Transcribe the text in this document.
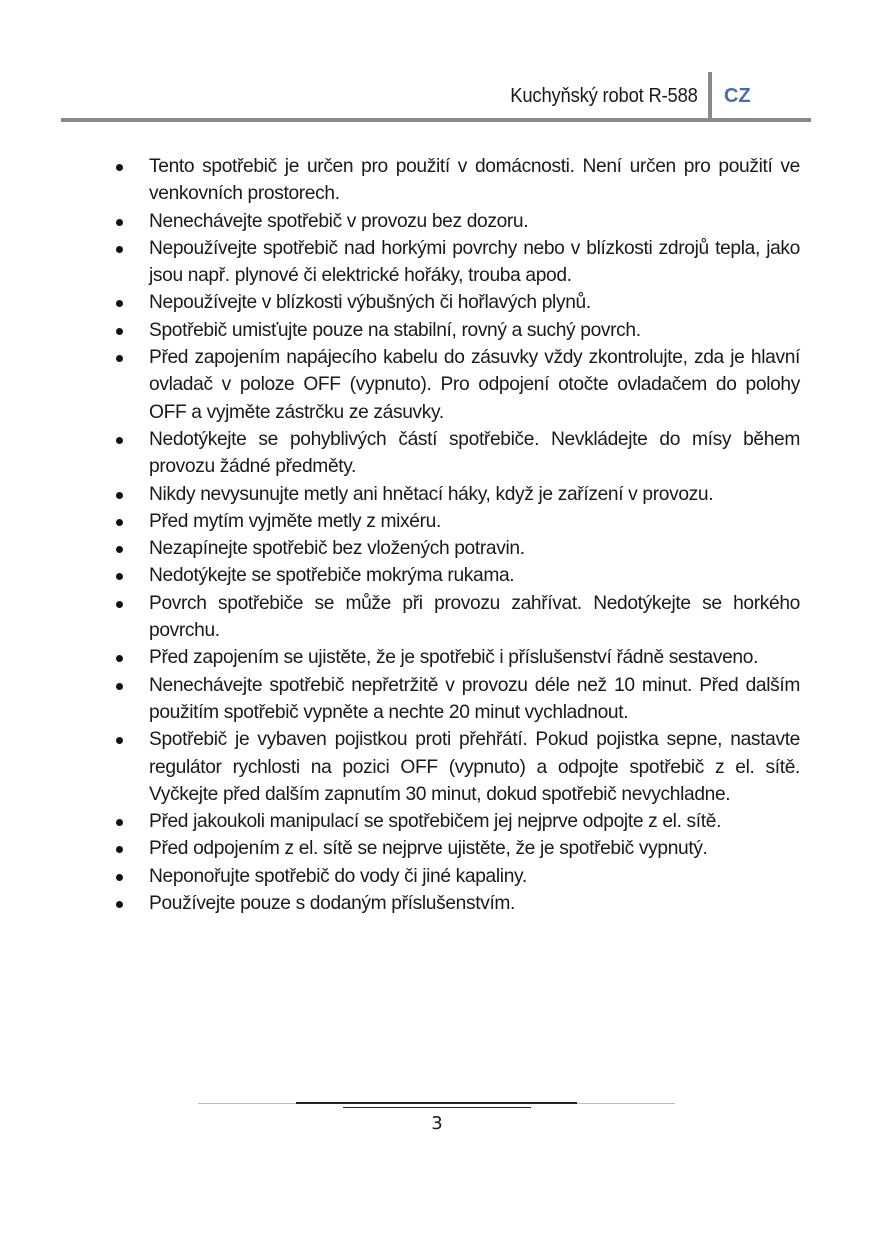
Kuchyňský robot R-588 CZ
Tento spotřebič je určen pro použití v domácnosti. Není určen pro použití ve venkovních prostorech.
Nenechávejte spotřebič v provozu bez dozoru.
Nepoužívejte spotřebič nad horkými povrchy nebo v blízkosti zdrojů tepla, jako jsou např. plynové či elektrické hořáky, trouba apod.
Nepoužívejte v blízkosti výbušných či hořlavých plynů.
Spotřebič umisťujte pouze na stabilní, rovný a suchý povrch.
Před zapojením napájecího kabelu do zásuvky vždy zkontrolujte, zda je hlavní ovladač v poloze OFF (vypnuto). Pro odpojení otočte ovladačem do polohy OFF a vyjměte zástrčku ze zásuvky.
Nedotýkejte se pohyblivých částí spotřebiče. Nevkládejte do mísy během provozu žádné předměty.
Nikdy nevysunujte metly ani hnětací háky, když je zařízení v provozu.
Před mytím vyjměte metly z mixéru.
Nezapínejte spotřebič bez vložených potravin.
Nedotýkejte se spotřebiče mokrýma rukama.
Povrch spotřebiče se může při provozu zahřívat. Nedotýkejte se horkého povrchu.
Před zapojením se ujistěte, že je spotřebič i příslušenství řádně sestaveno.
Nenechávejte spotřebič nepřetržitě v provozu déle než 10 minut. Před dalším použitím spotřebič vypněte a nechte 20 minut vychladnout.
Spotřebič je vybaven pojistkou proti přehřátí. Pokud pojistka sepne, nastavte regulátor rychlosti na pozici OFF (vypnuto) a odpojte spotřebič z el. sítě. Vyčkejte před dalším zapnutím 30 minut, dokud spotřebič nevychladne.
Před jakoukoli manipulací se spotřebičem jej nejprve odpojte z el. sítě.
Před odpojením z el. sítě se nejprve ujistěte, že je spotřebič vypnutý.
Neponořujte spotřebič do vody či jiné kapaliny.
Používejte pouze s dodaným příslušenstvím.
3
